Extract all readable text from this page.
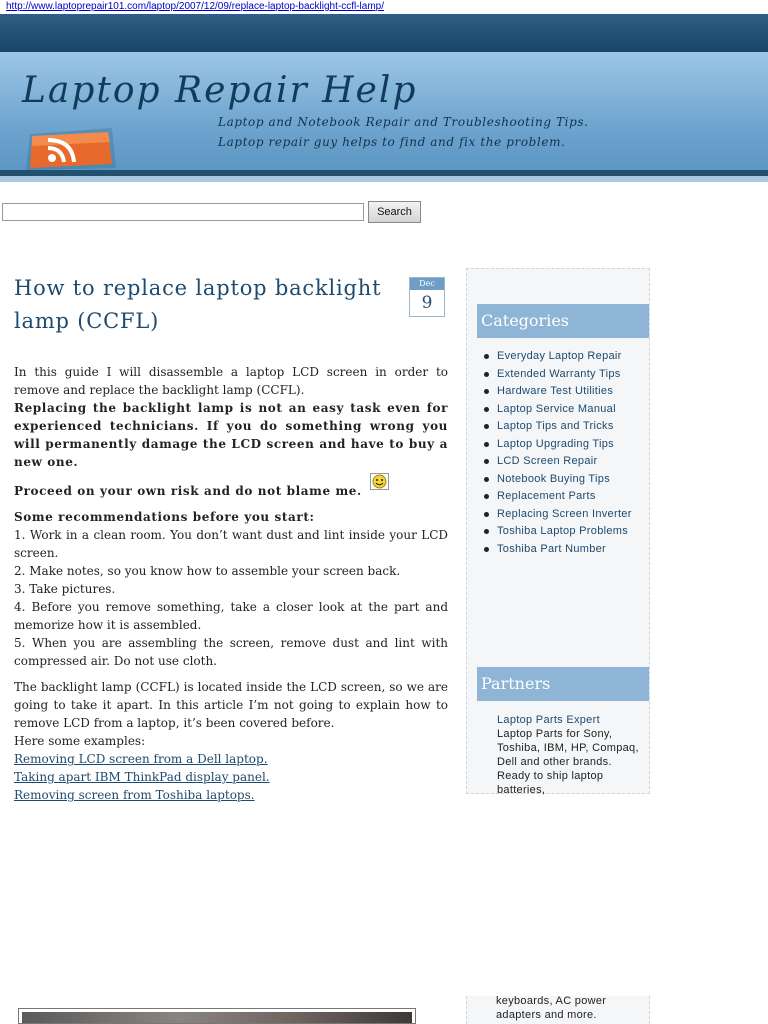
http://www.laptoprepair101.com/laptop/2007/12/09/replace-laptop-backlight-ccfl-lamp/
Laptop Repair Help
Laptop and Notebook Repair and Troubleshooting Tips.
Laptop repair guy helps to find and fix the problem.
Search
How to replace laptop backlight lamp (CCFL)
Dec
9

In this guide I will disassemble a laptop LCD screen in order to remove and replace the backlight lamp (CCFL).

Replacing the backlight lamp is not an easy task even for experienced technicians. If you do something wrong you will permanently damage the LCD screen and have to buy a new one.

Proceed on your own risk and do not blame me.

Some recommendations before you start:

1. Work in a clean room. You don’t want dust and lint inside your LCD screen.

2. Make notes, so you know how to assemble your screen back.

3. Take pictures.

4. Before you remove something, take a closer look at the part and memorize how it is assembled.

5. When you are assembling the screen, remove dust and lint with compressed air. Do not use cloth.

The backlight lamp (CCFL) is located inside the LCD screen, so we are going to take it apart. In this article I’m not going to explain how to remove LCD from a laptop, it’s been covered before.

Here some examples:

Removing LCD screen from a Dell laptop.

Taking apart IBM ThinkPad display panel.

Removing screen from Toshiba laptops.

Categories
Everyday Laptop Repair
Extended Warranty Tips
Hardware Test Utilities
Laptop Service Manual
Laptop Tips and Tricks
Laptop Upgrading Tips
LCD Screen Repair
Notebook Buying Tips
Replacement Parts
Replacing Screen Inverter
Toshiba Laptop Problems
Toshiba Part Number
Partners
Laptop Parts Expert
Laptop Parts for Sony, Toshiba, IBM, HP, Compaq, Dell and other brands. Ready to ship laptop batteries,
keyboards, AC power adapters and more.
